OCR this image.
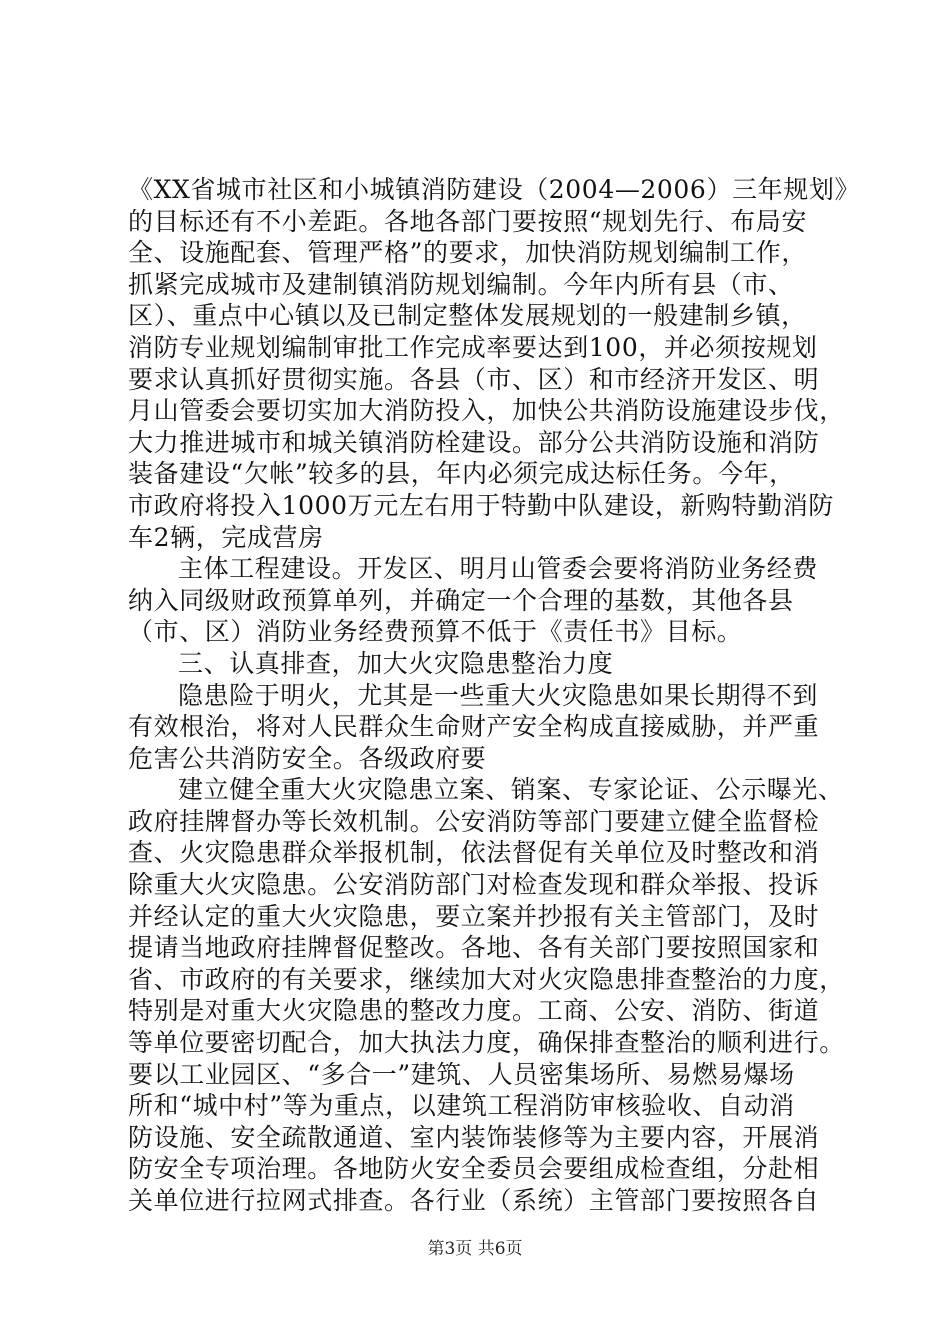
《XX省城市社区和小城镇消防建设（2004—2006）三年规划》
的目标还有不小差距。各地各部门要按照“规划先行、布局安
全、设施配套、管理严格”的要求，加快消防规划编制工作，
抓紧完成城市及建制镇消防规划编制。今年内所有县（市、
区）、重点中心镇以及已制定整体发展规划的一般建制乡镇，
消防专业规划编制审批工作完成率要达到100，并必须按规划
要求认真抓好贯彻实施。各县（市、区）和市经济开发区、明
月山管委会要切实加大消防投入，加快公共消防设施建设步伐，
大力推进城市和城关镇消防栓建设。部分公共消防设施和消防
装备建设“欠帐”较多的县，年内必须完成达标任务。今年，
市政府将投入1000万元左右用于特勤中队建设，新购特勤消防
车2辆，完成营房
主体工程建设。开发区、明月山管委会要将消防业务经费
纳入同级财政预算单列，并确定一个合理的基数，其他各县
（市、区）消防业务经费预算不低于《责任书》目标。
三、认真排查，加大火灾隐患整治力度
隐患险于明火，尤其是一些重大火灾隐患如果长期得不到
有效根治，将对人民群众生命财产安全构成直接威胁，并严重
危害公共消防安全。各级政府要
建立健全重大火灾隐患立案、销案、专家论证、公示曝光、
政府挂牌督办等长效机制。公安消防等部门要建立健全监督检
查、火灾隐患群众举报机制，依法督促有关单位及时整改和消
除重大火灾隐患。公安消防部门对检查发现和群众举报、投诉
并经认定的重大火灾隐患，要立案并抄报有关主管部门，及时
提请当地政府挂牌督促整改。各地、各有关部门要按照国家和
省、市政府的有关要求，继续加大对火灾隐患排查整治的力度，
特别是对重大火灾隐患的整改力度。工商、公安、消防、街道
等单位要密切配合，加大执法力度，确保排查整治的顺利进行。
要以工业园区、“多合一”建筑、人员密集场所、易燃易爆场
所和“城中村”等为重点，以建筑工程消防审核验收、自动消
防设施、安全疏散通道、室内装饰装修等为主要内容，开展消
防安全专项治理。各地防火安全委员会要组成检查组，分赴相
关单位进行拉网式排查。各行业（系统）主管部门要按照各自
第3页 共6页
